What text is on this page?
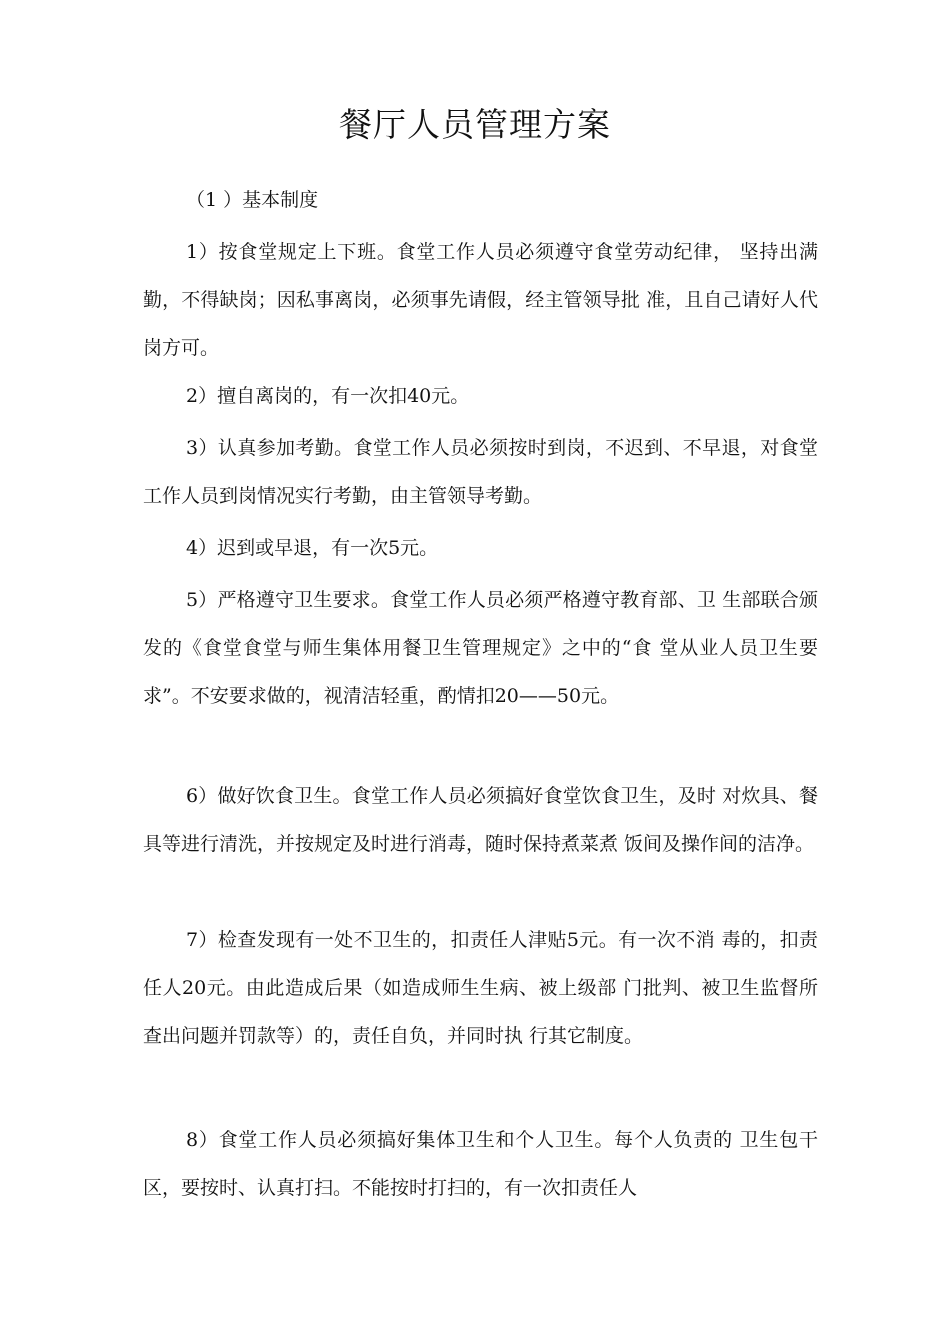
餐厅人员管理方案

（1 ）基本制度

1）按食堂规定上下班。食堂工作人员必须遵守食堂劳动纪律， 坚持出满勤，不得缺岗；因私事离岗，必须事先请假，经主管领导批 准，且自己请好人代岗方可。

2）擅自离岗的，有一次扣40元。

3）认真参加考勤。食堂工作人员必须按时到岗，不迟到、不早退，对食堂工作人员到岗情况实行考勤，由主管领导考勤。

4）迟到或早退，有一次5元。

5）严格遵守卫生要求。食堂工作人员必须严格遵守教育部、卫 生部联合颁发的《食堂食堂与师生集体用餐卫生管理规定》之中的“食 堂从业人员卫生要求”。不安要求做的，视清洁轻重，酌情扣20——50元。

6）做好饮食卫生。食堂工作人员必须搞好食堂饮食卫生，及时 对炊具、餐具等进行清洗，并按规定及时进行消毒，随时保持煮菜煮 饭间及操作间的洁净。

7）检查发现有一处不卫生的，扣责任人津贴5元。有一次不消 毒的，扣责任人20元。由此造成后果（如造成师生生病、被上级部 门批判、被卫生监督所查出问题并罚款等）的，责任自负，并同时执 行其它制度。

8）食堂工作人员必须搞好集体卫生和个人卫生。每个人负责的 卫生包干区，要按时、认真打扫。不能按时打扫的，有一次扣责任人
